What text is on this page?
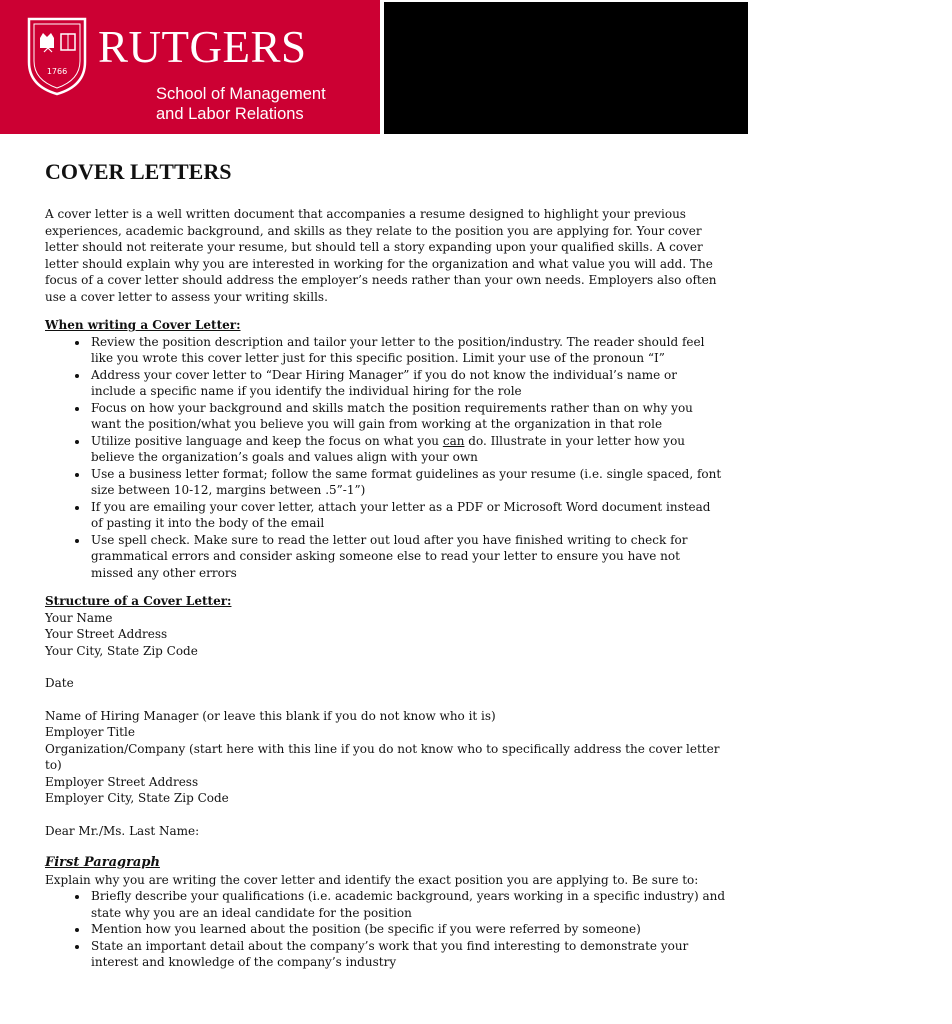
1766 RUTGERS
School of Management
and Labor Relations
CAREER SERVICES
COVER LETTERS

A cover letter is a well written document that accompanies a resume designed to highlight your previous experiences, academic background, and skills as they relate to the position you are applying for. Your cover letter should not reiterate your resume, but should tell a story expanding upon your qualified skills. A cover letter should explain why you are interested in working for the organization and what value you will add. The focus of a cover letter should address the employer’s needs rather than your own needs. Employers also often use a cover letter to assess your writing skills.

When writing a Cover Letter:

• Review the position description and tailor your letter to the position/industry. The reader should feel like you wrote this cover letter just for this specific position. Limit your use of the pronoun “I”
• Address your cover letter to “Dear Hiring Manager” if you do not know the individual’s name or include a specific name if you identify the individual hiring for the role
• Focus on how your background and skills match the position requirements rather than on why you want the position/what you believe you will gain from working at the organization in that role
• Utilize positive language and keep the focus on what you can do. Illustrate in your letter how you believe the organization’s goals and values align with your own
• Use a business letter format; follow the same format guidelines as your resume (i.e. single spaced, font size between 10-12, margins between .5”-1”)
• If you are emailing your cover letter, attach your letter as a PDF or Microsoft Word document instead of pasting it into the body of the email
• Use spell check. Make sure to read the letter out loud after you have finished writing to check for grammatical errors and consider asking someone else to read your letter to ensure you have not missed any other errors

Structure of a Cover Letter:

Your Name

Your Street Address

Your City, State Zip Code

Date

Name of Hiring Manager (or leave this blank if you do not know who it is)

Employer Title

Organization/Company (start here with this line if you do not know who to specifically address the cover letter to)

Employer Street Address

Employer City, State Zip Code

Dear Mr./Ms. Last Name:

First Paragraph

Explain why you are writing the cover letter and identify the exact position you are applying to. Be sure to:

• Briefly describe your qualifications (i.e. academic background, years working in a specific industry) and state why you are an ideal candidate for the position
• Mention how you learned about the position (be specific if you were referred by someone)
• State an important detail about the company’s work that you find interesting to demonstrate your interest and knowledge of the company’s industry
